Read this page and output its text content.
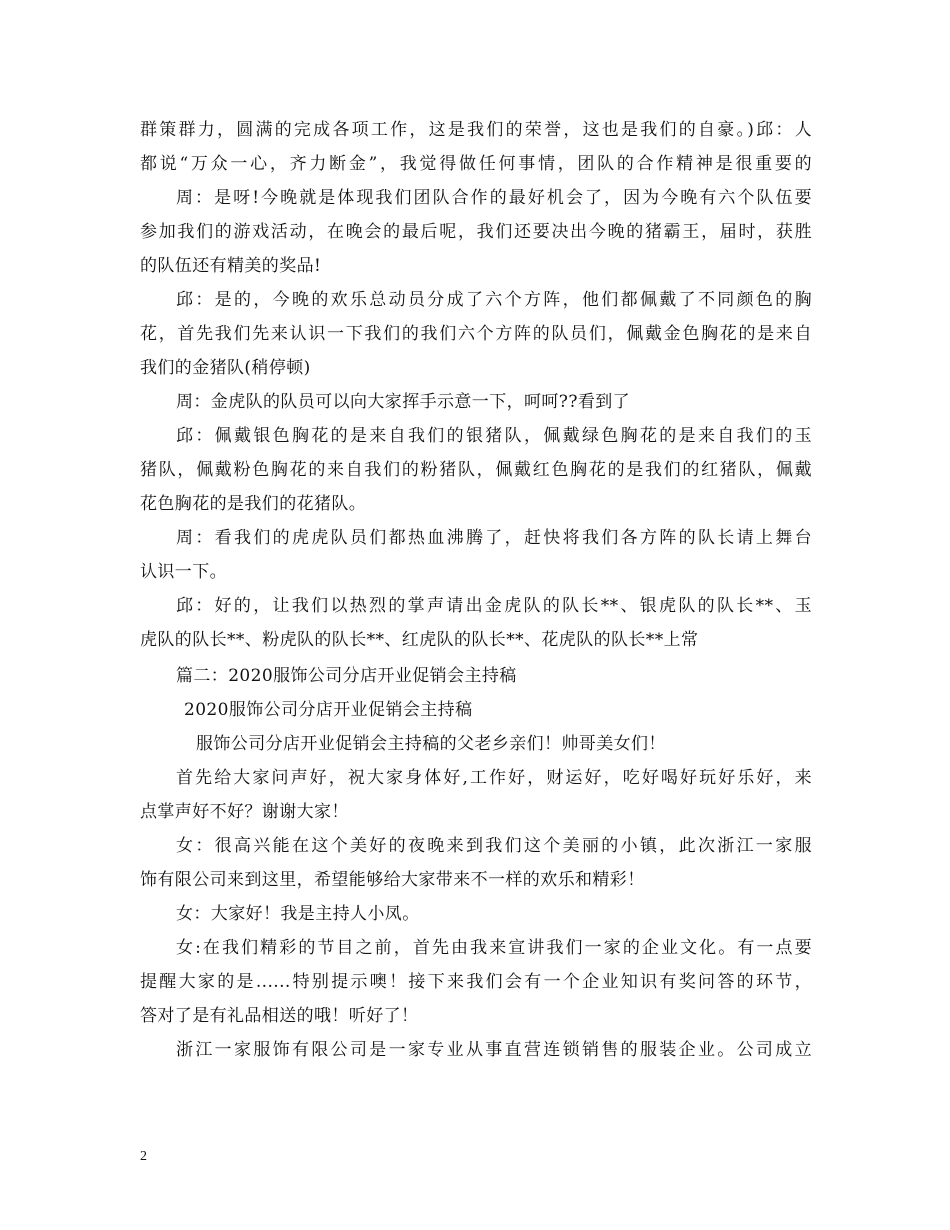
群策群力，圆满的完成各项工作，这是我们的荣誉，这也是我们的自豪。)邱：人
都说“万众一心，齐力断金”，我觉得做任何事情，团队的合作精神是很重要的
周：是呀!今晚就是体现我们团队合作的最好机会了，因为今晚有六个队伍要
参加我们的游戏活动，在晚会的最后呢，我们还要决出今晚的猪霸王，届时，获胜
的队伍还有精美的奖品!
邱：是的，今晚的欢乐总动员分成了六个方阵，他们都佩戴了不同颜色的胸
花，首先我们先来认识一下我们的我们六个方阵的队员们，佩戴金色胸花的是来自
我们的金猪队(稍停顿)
周：金虎队的队员可以向大家挥手示意一下，呵呵??看到了
邱：佩戴银色胸花的是来自我们的银猪队，佩戴绿色胸花的是来自我们的玉
猪队，佩戴粉色胸花的来自我们的粉猪队，佩戴红色胸花的是我们的红猪队，佩戴
花色胸花的是我们的花猪队。
周：看我们的虎虎队员们都热血沸腾了，赶快将我们各方阵的队长请上舞台
认识一下。
邱：好的，让我们以热烈的掌声请出金虎队的队长**、银虎队的队长**、玉
虎队的队长**、粉虎队的队长**、红虎队的队长**、花虎队的队长**上常
篇二：2020服饰公司分店开业促销会主持稿
2020服饰公司分店开业促销会主持稿
服饰公司分店开业促销会主持稿的父老乡亲们！帅哥美女们！
首先给大家问声好，祝大家身体好,工作好，财运好，吃好喝好玩好乐好，来
点掌声好不好？谢谢大家！
女：很高兴能在这个美好的夜晚来到我们这个美丽的小镇，此次浙江一家服
饰有限公司来到这里，希望能够给大家带来不一样的欢乐和精彩！
女：大家好！我是主持人小凤。
女:在我们精彩的节目之前，首先由我来宣讲我们一家的企业文化。有一点要
提醒大家的是......特别提示噢！接下来我们会有一个企业知识有奖问答的环节，
答对了是有礼品相送的哦！听好了！
浙江一家服饰有限公司是一家专业从事直营连锁销售的服装企业。公司成立
2
